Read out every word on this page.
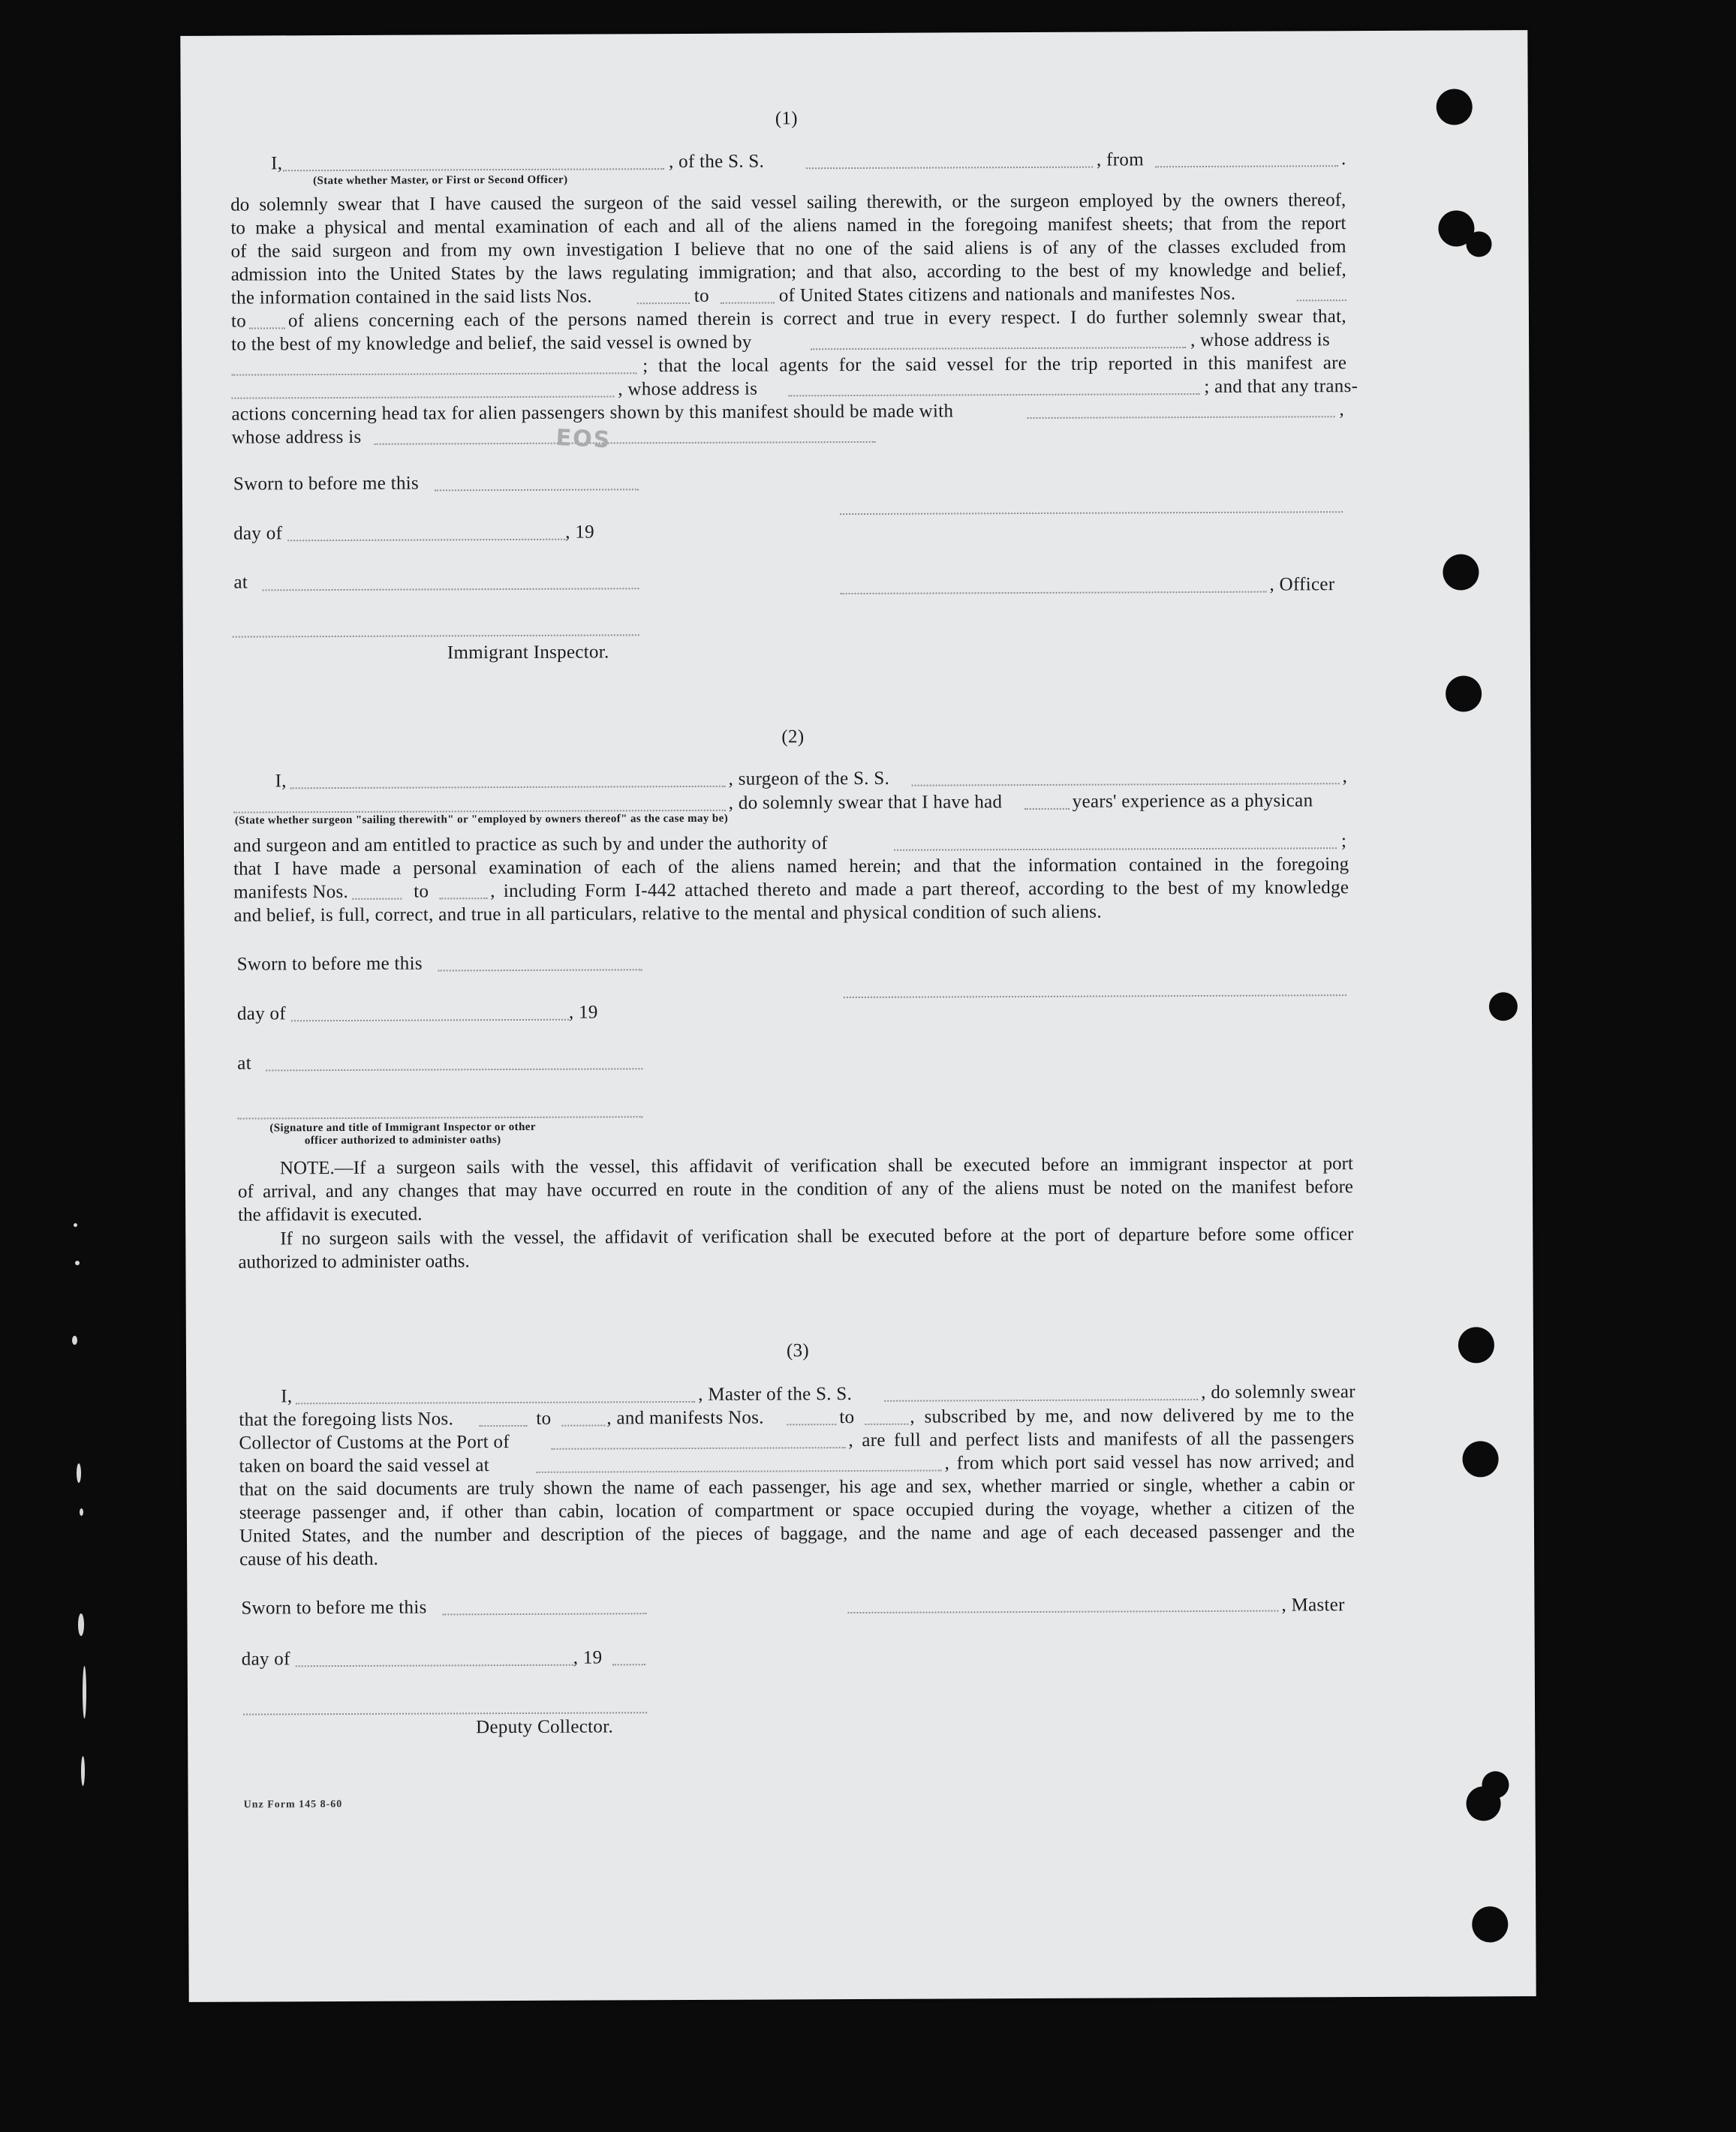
(1)
I,	, of the S. S.	, from	.
(State whether Master, or First or Second Officer)
do solemnly swear that I have caused the surgeon of the said vessel sailing therewith, or the surgeon employed by the owners thereof,
to make a physical and mental examination of each and all of the aliens named in the foregoing manifest sheets; that from the report
of the said surgeon and from my own investigation I believe that no one of the said aliens is of any of the classes excluded from
admission into the United States by the laws regulating immigration; and that also, according to the best of my knowledge and belief,
the information contained in the said lists Nos.	to	of United States citizens and nationals and manifestes Nos.
to of aliens concerning each of the persons named therein is correct and true in every respect. I do further solemnly swear that,
to the best of my knowledge and belief, the said vessel is owned by	, whose address is
; that the local agents for the said vessel for the trip reported in this manifest are
, whose address is	; and that any trans-
actions concerning head tax for alien passengers shown by this manifest should be made with	,
whose address is	EOS
Sworn to before me this
day of	, 19
at	, Officer
Immigrant Inspector.
(2)
I,	, surgeon of the S. S.	,
, do solemnly swear that I have had	years' experience as a physican
(State whether surgeon "sailing therewith" or "employed by owners thereof" as the case may be)
and surgeon and am entitled to practice as such by and under the authority of	;
that I have made a personal examination of each of the aliens named herein; and that the information contained in the foregoing
manifests Nos.	to	, including Form I-442 attached thereto and made a part thereof, according to the best of my knowledge
and belief, is full, correct, and true in all particulars, relative to the mental and physical condition of such aliens.
Sworn to before me this
day of	, 19
at
(Signature and title of Immigrant Inspector or other
officer authorized to administer oaths)
NOTE.—If a surgeon sails with the vessel, this affidavit of verification shall be executed before an immigrant inspector at port
of arrival, and any changes that may have occurred en route in the condition of any of the aliens must be noted on the manifest before
the affidavit is executed.
If no surgeon sails with the vessel, the affidavit of verification shall be executed before at the port of departure before some officer
authorized to administer oaths.
(3)
I,	, Master of the S. S.	, do solemnly swear
that the foregoing lists Nos.	to	, and manifests Nos.	to	, subscribed by me, and now delivered by me to the
Collector of Customs at the Port of	, are full and perfect lists and manifests of all the passengers
taken on board the said vessel at	, from which port said vessel has now arrived; and
that on the said documents are truly shown the name of each passenger, his age and sex, whether married or single, whether a cabin or
steerage passenger and, if other than cabin, location of compartment or space occupied during the voyage, whether a citizen of the
United States, and the number and description of the pieces of baggage, and the name and age of each deceased passenger and the
cause of his death.
Sworn to before me this	, Master
day of	, 19
Deputy Collector.
Unz Form 145 8-60
